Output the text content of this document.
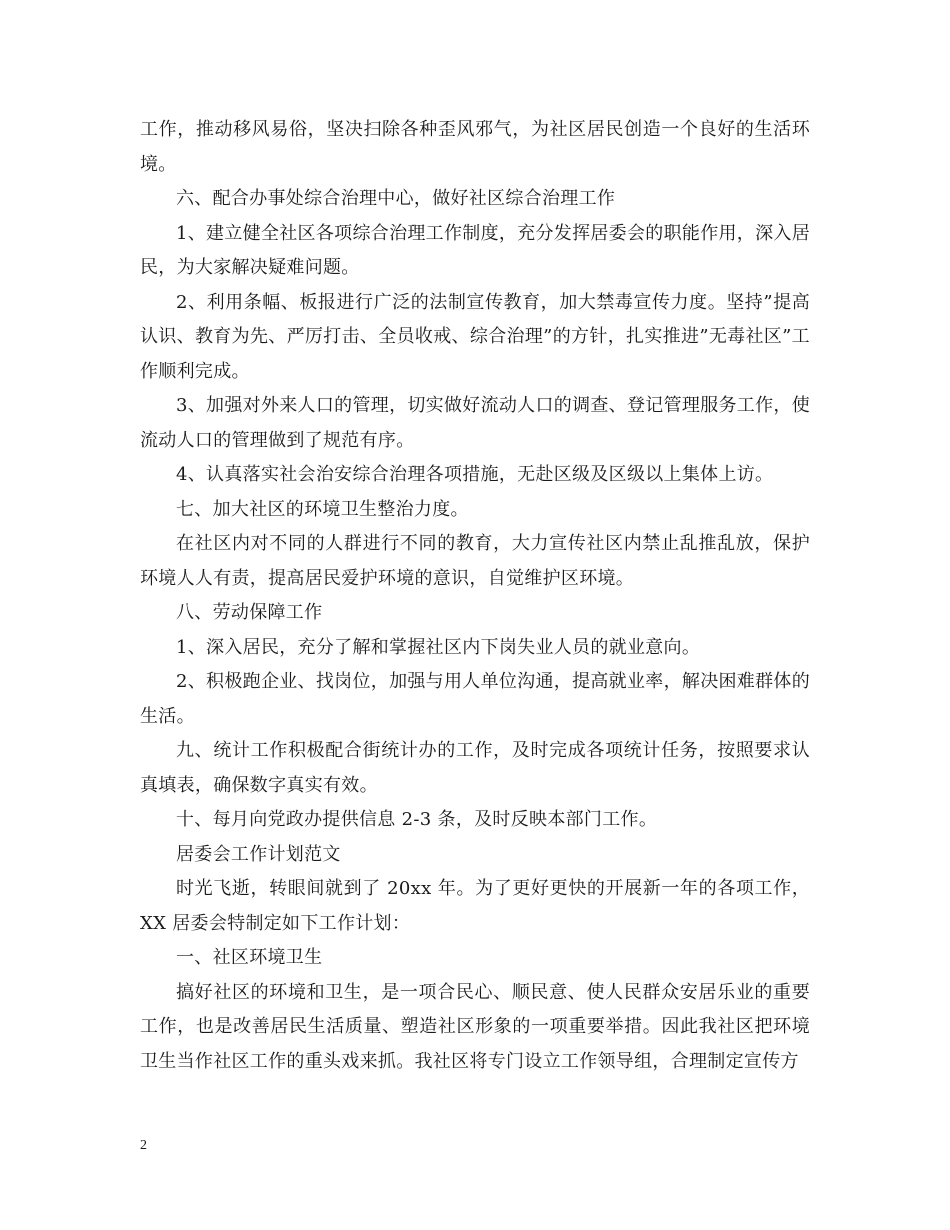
工作，推动移风易俗，坚决扫除各种歪风邪气，为社区居民创造一个良好的生活环境。

六、配合办事处综合治理中心，做好社区综合治理工作

1、建立健全社区各项综合治理工作制度，充分发挥居委会的职能作用，深入居民，为大家解决疑难问题。

2、利用条幅、板报进行广泛的法制宣传教育，加大禁毒宣传力度。坚持”提高认识、教育为先、严厉打击、全员收戒、综合治理”的方针，扎实推进”无毒社区”工作顺利完成。

3、加强对外来人口的管理，切实做好流动人口的调查、登记管理服务工作，使流动人口的管理做到了规范有序。

4、认真落实社会治安综合治理各项措施，无赴区级及区级以上集体上访。

七、加大社区的环境卫生整治力度。

在社区内对不同的人群进行不同的教育，大力宣传社区内禁止乱推乱放，保护环境人人有责，提高居民爱护环境的意识，自觉维护区环境。

八、劳动保障工作

1、深入居民，充分了解和掌握社区内下岗失业人员的就业意向。

2、积极跑企业、找岗位，加强与用人单位沟通，提高就业率，解决困难群体的生活。

九、统计工作积极配合街统计办的工作，及时完成各项统计任务，按照要求认真填表，确保数字真实有效。

十、每月向党政办提供信息 2-3 条，及时反映本部门工作。

居委会工作计划范文

时光飞逝，转眼间就到了 20xx 年。为了更好更快的开展新一年的各项工作，XX 居委会特制定如下工作计划：

一、社区环境卫生

搞好社区的环境和卫生，是一项合民心、顺民意、使人民群众安居乐业的重要工作，也是改善居民生活质量、塑造社区形象的一项重要举措。因此我社区把环境卫生当作社区工作的重头戏来抓。我社区将专门设立工作领导组，合理制定宣传方

2
